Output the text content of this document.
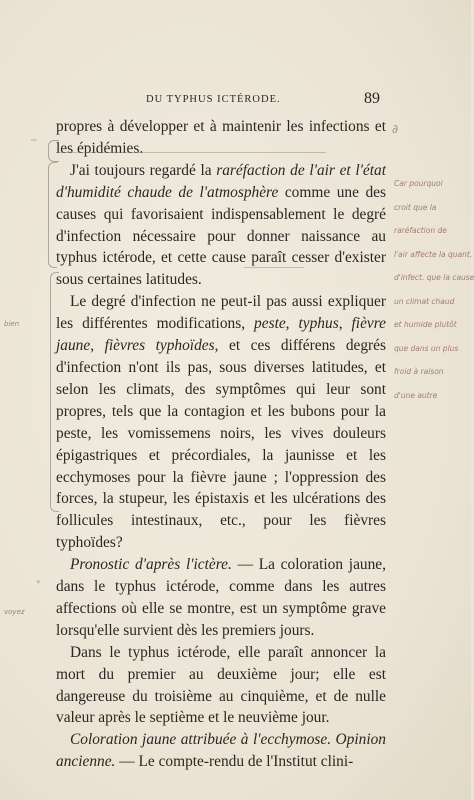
DU TYPHUS ICTÉRODE.	89

propres à développer et à maintenir les infections et les épidémies.

J'ai toujours regardé la raréfaction de l'air et l'état d'humidité chaude de l'atmosphère comme une des causes qui favorisaient indispensablement le degré d'infection nécessaire pour donner naissance au typhus ictérode, et cette cause paraît cesser d'exister sous certaines latitudes.

Le degré d'infection ne peut-il pas aussi expliquer les différentes modifications, peste, typhus, fièvre jaune, fièvres typhoïdes, et ces différens degrés d'infection n'ont ils pas, sous diverses latitudes, et selon les climats, des symptômes qui leur sont propres, tels que la contagion et les bubons pour la peste, les vomissemens noirs, les vives douleurs épigastriques et précordiales, la jaunisse et les ecchymoses pour la fièvre jaune ; l'oppression des forces, la stupeur, les épistaxis et les ulcérations des follicules intestinaux, etc., pour les fièvres typhoïdes?

Pronostic d'après l'ictère. — La coloration jaune, dans le typhus ictérode, comme dans les autres affections où elle se montre, est un symptôme grave lorsqu'elle survient dès les premiers jours.

Dans le typhus ictérode, elle paraît annoncer la mort du premier au deuxième jour; elle est dangereuse du troisième au cinquième, et de nulle valeur après le septième et le neuvième jour.

Coloration jaune attribuée à l'ecchymose. Opinion ancienne. — Le compte-rendu de l'Institut clini-

Car pourquoi
croit que la
raréfaction de
l'air affecte la quant.
d'infect. que la cause
un climat chaud
et humide plutôt
que dans un plus
froid à raison
d'une autre
bien
voyez
~
∂
°
